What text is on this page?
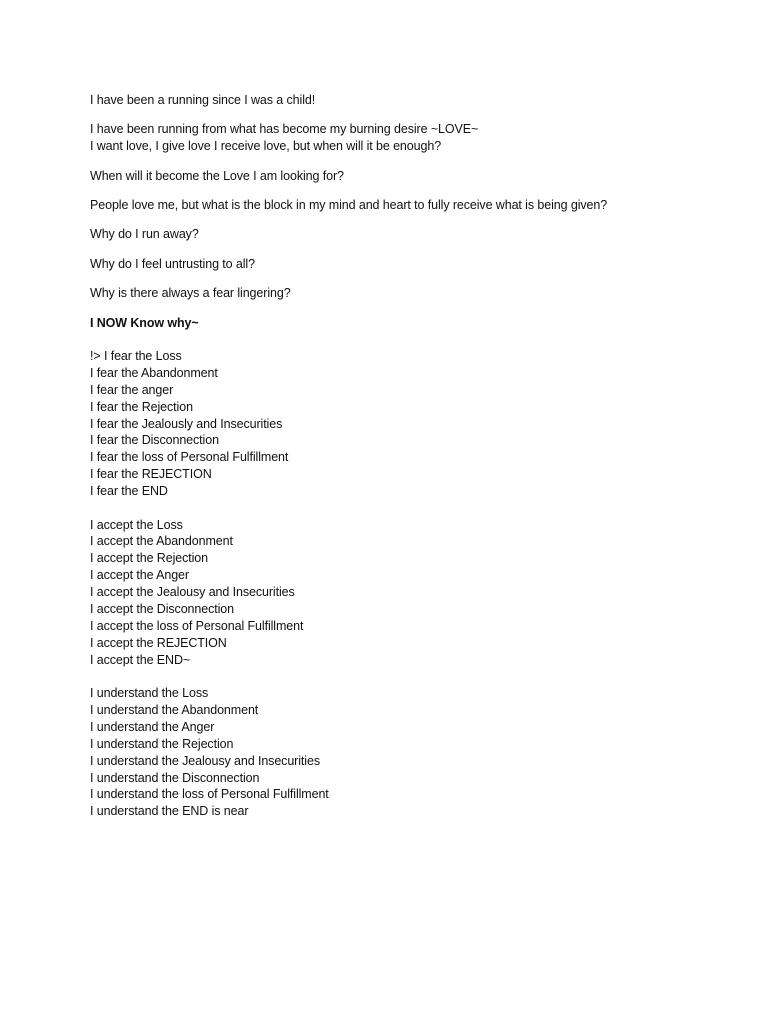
I have been a running since I was a child!
I have been running from what has become my burning desire ~LOVE~
I want love, I give love I receive love, but when will it be enough?
When will it become the Love I am looking for?
People love me, but what is the block in my mind and heart to fully receive what is being given?
Why do I run away?
Why do I feel untrusting to all?
Why is there always a fear lingering?
I NOW Know why~
!> I fear the Loss
I fear the Abandonment
I fear the anger
I fear the Rejection
I fear the Jealously and Insecurities
I fear the Disconnection
I fear the loss of Personal Fulfillment
I fear the REJECTION
I fear the END
I accept the Loss
I accept the Abandonment
I accept the Rejection
I accept the Anger
I accept the Jealousy and Insecurities
I accept the Disconnection
I accept the loss of Personal Fulfillment
I accept the REJECTION
I accept the END~
I understand the Loss
I understand the Abandonment
I understand the Anger
I understand the Rejection
I understand the Jealousy and Insecurities
I understand the Disconnection
I understand the loss of Personal Fulfillment
I understand the END is near
